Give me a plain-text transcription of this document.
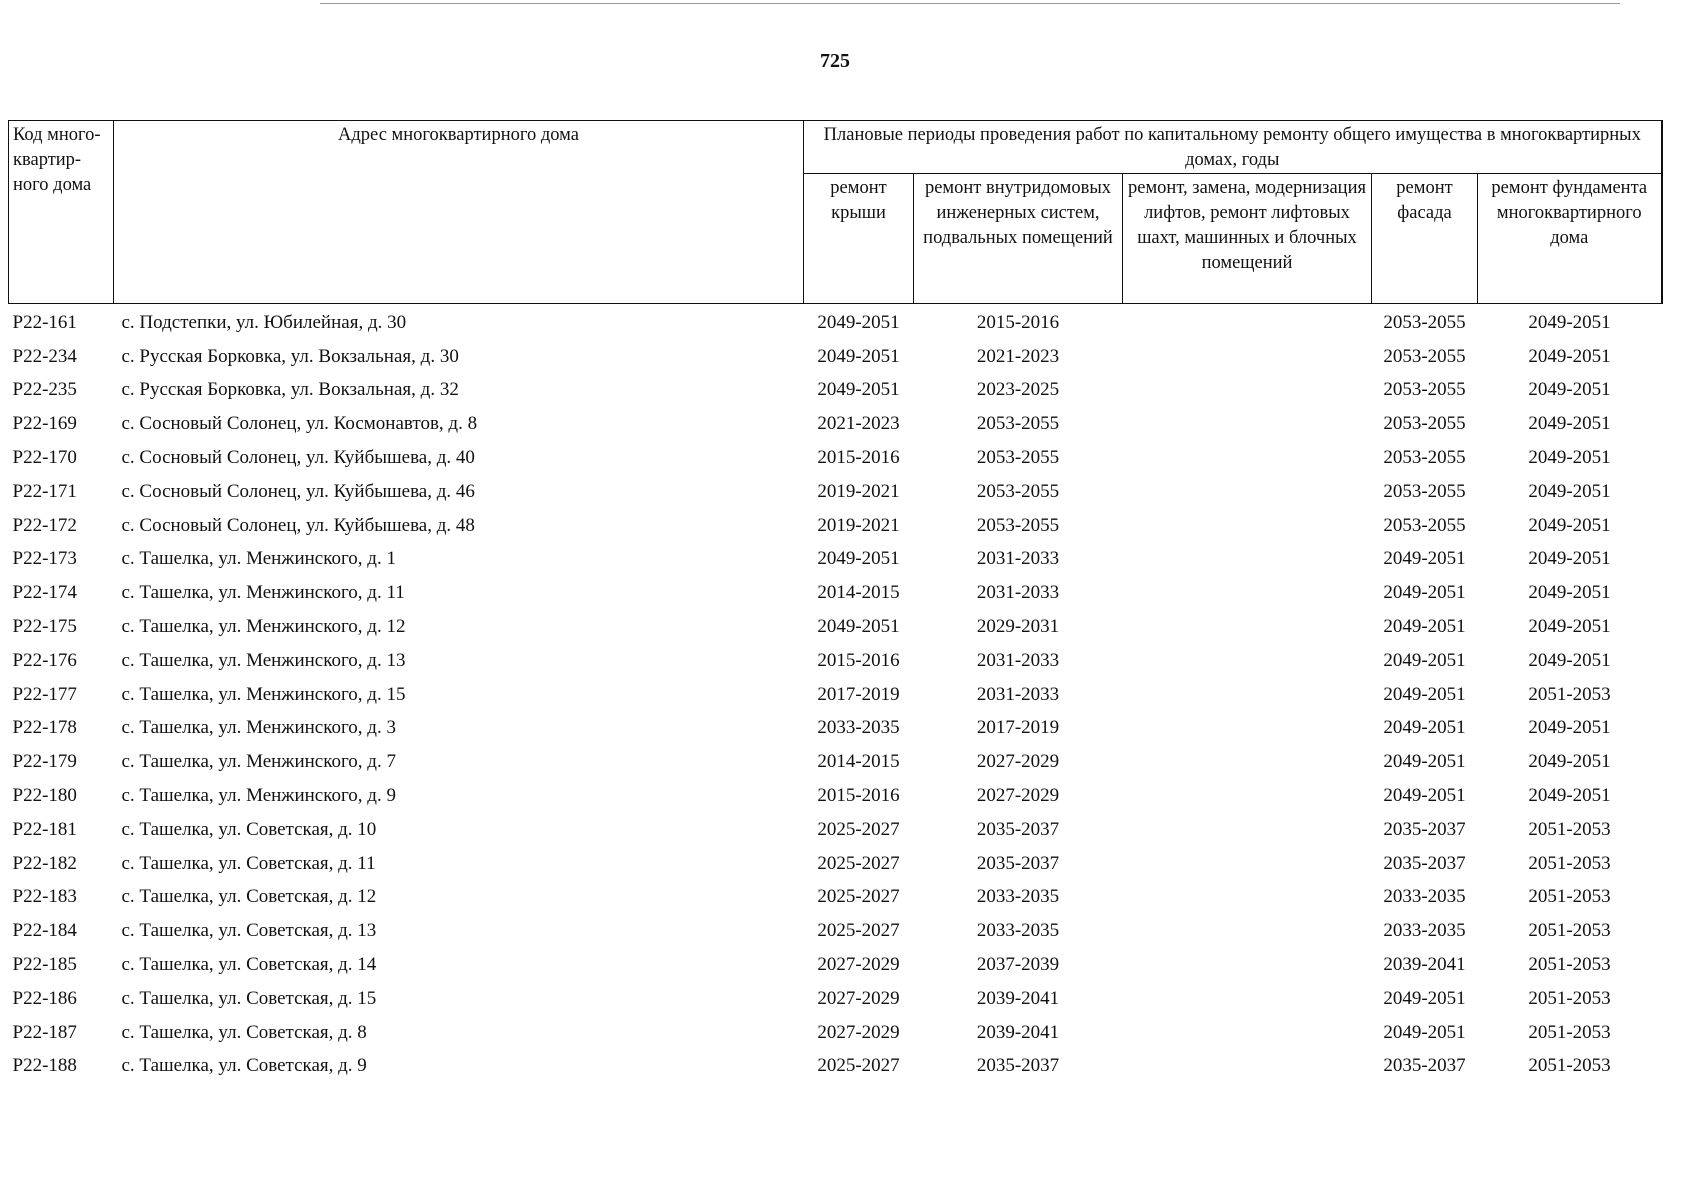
725
Код много-квартир-ного дома	Адрес многоквартирного дома	Плановые периоды проведения работ по капитальному ремонту общего имущества в многоквартирных домах, годы				
		ремонт крыши	ремонт внутридомовых инженерных систем, подвальных помещений	ремонт, замена, модернизация лифтов, ремонт лифтовых шахт, машинных и блочных помещений	ремонт фасада	ремонт фундамента многоквартирного дома
P22-161	с. Подстепки, ул. Юбилейная, д. 30	2049-2051	2015-2016		2053-2055	2049-2051
P22-234	с. Русская Борковка, ул. Вокзальная, д. 30	2049-2051	2021-2023		2053-2055	2049-2051
P22-235	с. Русская Борковка, ул. Вокзальная, д. 32	2049-2051	2023-2025		2053-2055	2049-2051
P22-169	с. Сосновый Солонец, ул. Космонавтов, д. 8	2021-2023	2053-2055		2053-2055	2049-2051
P22-170	с. Сосновый Солонец, ул. Куйбышева, д. 40	2015-2016	2053-2055		2053-2055	2049-2051
P22-171	с. Сосновый Солонец, ул. Куйбышева, д. 46	2019-2021	2053-2055		2053-2055	2049-2051
P22-172	с. Сосновый Солонец, ул. Куйбышева, д. 48	2019-2021	2053-2055		2053-2055	2049-2051
P22-173	с. Ташелка, ул. Менжинского, д. 1	2049-2051	2031-2033		2049-2051	2049-2051
P22-174	с. Ташелка, ул. Менжинского, д. 11	2014-2015	2031-2033		2049-2051	2049-2051
P22-175	с. Ташелка, ул. Менжинского, д. 12	2049-2051	2029-2031		2049-2051	2049-2051
P22-176	с. Ташелка, ул. Менжинского, д. 13	2015-2016	2031-2033		2049-2051	2049-2051
P22-177	с. Ташелка, ул. Менжинского, д. 15	2017-2019	2031-2033		2049-2051	2051-2053
P22-178	с. Ташелка, ул. Менжинского, д. 3	2033-2035	2017-2019		2049-2051	2049-2051
P22-179	с. Ташелка, ул. Менжинского, д. 7	2014-2015	2027-2029		2049-2051	2049-2051
P22-180	с. Ташелка, ул. Менжинского, д. 9	2015-2016	2027-2029		2049-2051	2049-2051
P22-181	с. Ташелка, ул. Советская, д. 10	2025-2027	2035-2037		2035-2037	2051-2053
P22-182	с. Ташелка, ул. Советская, д. 11	2025-2027	2035-2037		2035-2037	2051-2053
P22-183	с. Ташелка, ул. Советская, д. 12	2025-2027	2033-2035		2033-2035	2051-2053
P22-184	с. Ташелка, ул. Советская, д. 13	2025-2027	2033-2035		2033-2035	2051-2053
P22-185	с. Ташелка, ул. Советская, д. 14	2027-2029	2037-2039		2039-2041	2051-2053
P22-186	с. Ташелка, ул. Советская, д. 15	2027-2029	2039-2041		2049-2051	2051-2053
P22-187	с. Ташелка, ул. Советская, д. 8	2027-2029	2039-2041		2049-2051	2051-2053
P22-188	с. Ташелка, ул. Советская, д. 9	2025-2027	2035-2037		2035-2037	2051-2053
